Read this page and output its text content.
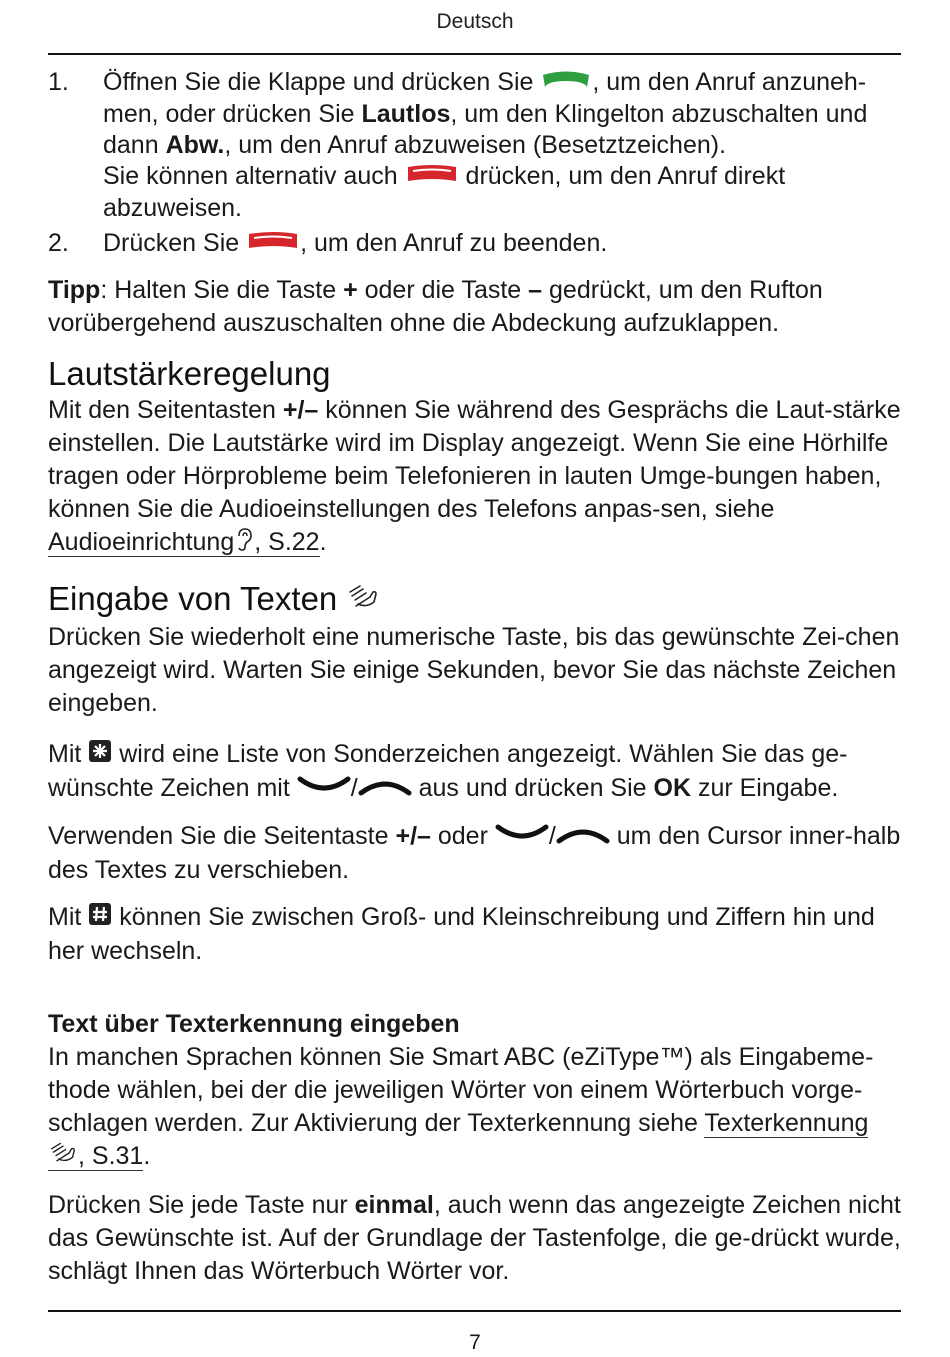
Deutsch
1. Öffnen Sie die Klappe und drücken Sie , um den Anruf anzuneh-men, oder drücken Sie Lautlos, um den Klingelton abzuschalten und dann Abw., um den Anruf abzuweisen (Besetztzeichen).
Sie können alternativ auch  drücken, um den Anruf direkt abzuweisen.
2. Drücken Sie , um den Anruf zu beenden.

Tipp: Halten Sie die Taste + oder die Taste – gedrückt, um den Rufton vorübergehend auszuschalten ohne die Abdeckung aufzuklappen.

Lautstärkeregelung

Mit den Seitentasten +/– können Sie während des Gesprächs die Laut-stärke einstellen. Die Lautstärke wird im Display angezeigt. Wenn Sie eine Hörhilfe tragen oder Hörprobleme beim Telefonieren in lauten Umge-bungen haben, können Sie die Audioeinstellungen des Telefons anpas-sen, siehe Audioeinrichtung , S.22.

Eingabe von Texten

Drücken Sie wiederholt eine numerische Taste, bis das gewünschte Zei-chen angezeigt wird. Warten Sie einige Sekunden, bevor Sie das nächste Zeichen eingeben.

Mit  wird eine Liste von Sonderzeichen angezeigt. Wählen Sie das ge-wünschte Zeichen mit / aus und drücken Sie OK zur Eingabe.

Verwenden Sie die Seitentaste +/– oder / um den Cursor inner-halb des Textes zu verschieben.

Mit  können Sie zwischen Groß- und Kleinschreibung und Ziffern hin und her wechseln.

Text über Texterkennung eingeben

In manchen Sprachen können Sie Smart ABC (eZiType™) als Eingabeme-thode wählen, bei der die jeweiligen Wörter von einem Wörterbuch vorge-schlagen werden. Zur Aktivierung der Texterkennung siehe Texterkennung , S.31.

Drücken Sie jede Taste nur einmal, auch wenn das angezeigte Zeichen nicht das Gewünschte ist. Auf der Grundlage der Tastenfolge, die ge-drückt wurde, schlägt Ihnen das Wörterbuch Wörter vor.

7
